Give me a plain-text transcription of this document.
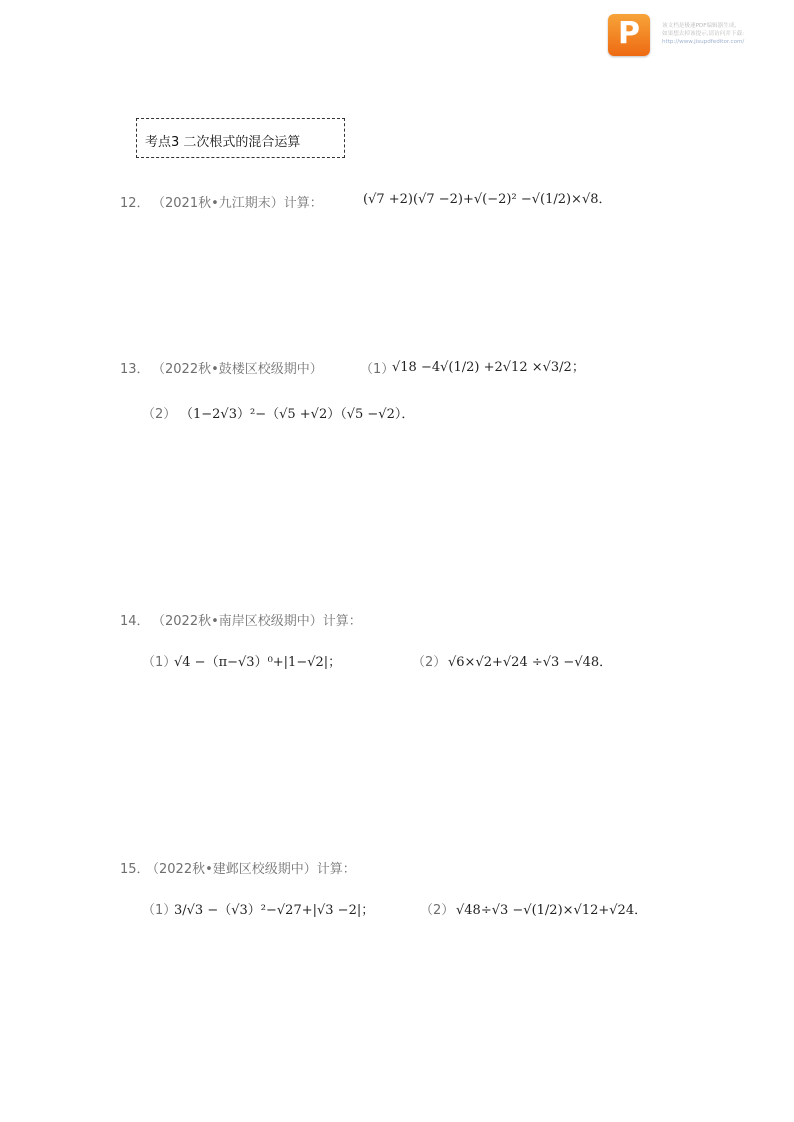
P	该文档是极速PDF编辑器生成,
如果想去掉该提示,请访问并下载:
http://www.jisupdfeditor.com/
考点3 二次根式的混合运算
12． （2021秋•九江期末）计算：	(√7 +2)(√7 −2)+√(−2)² −√(1/2)×√8．
13． （2022秋•鼓楼区校级期中）	（1）
√18 −4√(1/2) +2√12 ×√3/2；
（2） （1−2√3）²−（√5 +√2）（√5 −√2）．
14． （2022秋•南岸区校级期中）计算：
（1）
√4 −（π−√3）⁰+|1−√2|；	（2） √6×√2+√24 ÷√3 −√48．
15．
（2022秋•建邺区校级期中）计算：
（1）
3/√3 −（√3）²−√27+|√3 −2|；	（2） √48÷√3 −√(1/2)×√12+√24．
